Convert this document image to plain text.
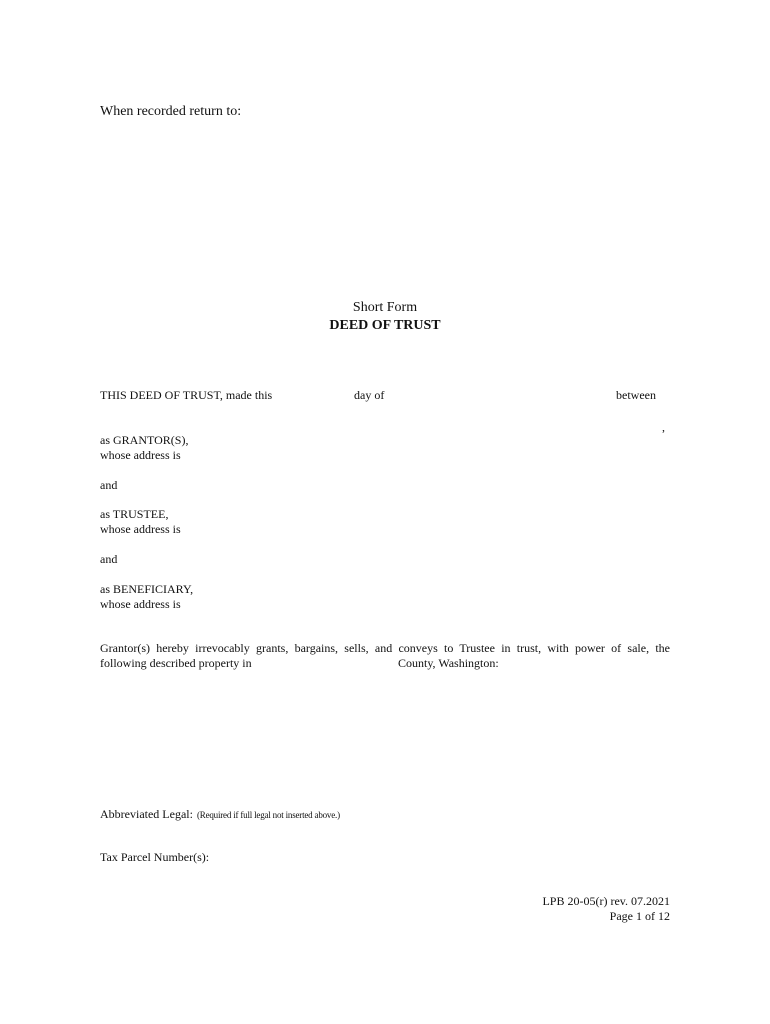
When recorded return to:
Short Form
DEED OF TRUST
THIS DEED OF TRUST, made this	day of	between
,
as GRANTOR(S),
whose address is
and
as TRUSTEE,
whose address is
and
as BENEFICIARY,
whose address is
Grantor(s) hereby irrevocably grants, bargains, sells, and conveys to Trustee in trust, with power of sale, the
following described property in	County, Washington:
Abbreviated Legal: (Required if full legal not inserted above.)
Tax Parcel Number(s):
LPB 20-05(r) rev. 07.2021
Page 1 of 12
